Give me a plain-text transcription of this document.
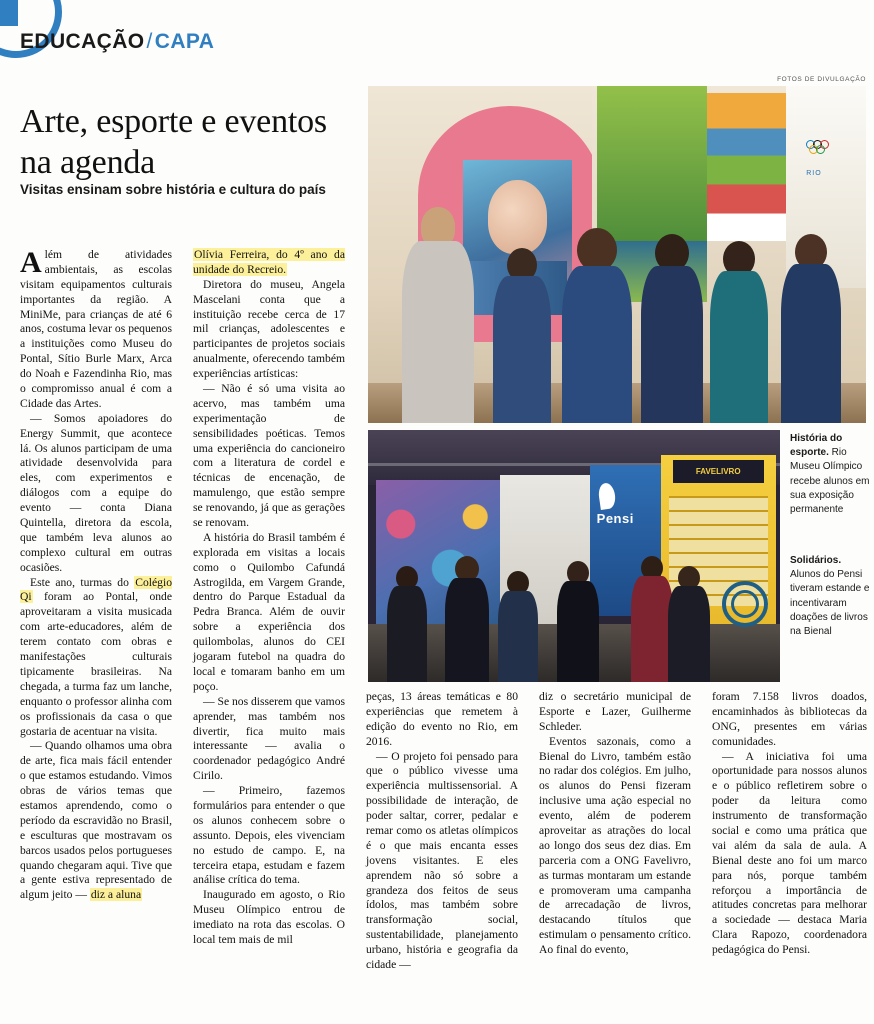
EDUCAÇÃO/CAPA
Arte, esporte e eventos na agenda
Visitas ensinam sobre história e cultura do país
FOTOS DE DIVULGAÇÃO
RIO
Pensi
FAVELIVRO
História do esporte. Rio Museu Olímpico recebe alunos em sua exposição permanente
Solidários. Alunos do Pensi tiveram estande e incentivaram doações de livros na Bienal

Além de atividades ambientais, as escolas visitam equipamentos culturais importantes da região. A MiniMe, para crianças de até 6 anos, costuma levar os pequenos a instituições como Museu do Pontal, Sítio Burle Marx, Arca do Noah e Fazendinha Rio, mas o compromisso anual é com a Cidade das Artes.

— Somos apoiadores do Energy Summit, que acontece lá. Os alunos participam de uma atividade desenvolvida para eles, com experimentos e diálogos com a equipe do evento — conta Diana Quintella, diretora da escola, que também leva alunos ao complexo cultural em outras ocasiões.

Este ano, turmas do Colégio Qi foram ao Pontal, onde aproveitaram a visita musicada com arte-educadores, além de terem contato com obras e manifestações culturais tipicamente brasileiras. Na chegada, a turma faz um lanche, enquanto o professor alinha com os profissionais da casa o que gostaria de acentuar na visita.

— Quando olhamos uma obra de arte, fica mais fácil entender o que estamos estudando. Vimos obras de vários temas que estamos aprendendo, como o período da escravidão no Brasil, e esculturas que mostravam os barcos usados pelos portugueses quando chegaram aqui. Tive que a gente estiva representado de algum jeito — diz a aluna

Olívia Ferreira, do 4º ano da unidade do Recreio.

Diretora do museu, Angela Mascelani conta que a instituição recebe cerca de 17 mil crianças, adolescentes e participantes de projetos sociais anualmente, oferecendo também experiências artísticas:

— Não é só uma visita ao acervo, mas também uma experimentação de sensibilidades poéticas. Temos uma experiência do cancioneiro com a literatura de cordel e técnicas de encenação, de mamulengo, que estão sempre se renovando, já que as gerações se renovam.

A história do Brasil também é explorada em visitas a locais como o Quilombo Cafundá Astrogilda, em Vargem Grande, dentro do Parque Estadual da Pedra Branca. Além de ouvir sobre a experiência dos quilombolas, alunos do CEI jogaram futebol na quadra do local e tomaram banho em um poço.

— Se nos disserem que vamos aprender, mas também nos divertir, fica muito mais interessante — avalia o coordenador pedagógico André Cirilo.

— Primeiro, fazemos formulários para entender o que os alunos conhecem sobre o assunto. Depois, eles vivenciam no estudo de campo. E, na terceira etapa, estudam e fazem análise crítica do tema.

Inaugurado em agosto, o Rio Museu Olímpico entrou de imediato na rota das escolas. O local tem mais de mil

peças, 13 áreas temáticas e 80 experiências que remetem à edição do evento no Rio, em 2016.

— O projeto foi pensado para que o público vivesse uma experiência multissensorial. A possibilidade de interação, de poder saltar, correr, pedalar e remar como os atletas olímpicos é o que mais encanta esses jovens visitantes. E eles aprendem não só sobre a grandeza dos feitos de seus ídolos, mas também sobre transformação social, sustentabilidade, planejamento urbano, história e geografia da cidade —

diz o secretário municipal de Esporte e Lazer, Guilherme Schleder.

Eventos sazonais, como a Bienal do Livro, também estão no radar dos colégios. Em julho, os alunos do Pensi fizeram inclusive uma ação especial no evento, além de poderem aproveitar as atrações do local ao longo dos seus dez dias. Em parceria com a ONG Favelivro, as turmas montaram um estande e promoveram uma campanha de arrecadação de livros, destacando títulos que estimulam o pensamento crítico. Ao final do evento,

foram 7.158 livros doados, encaminhados às bibliotecas da ONG, presentes em várias comunidades.

— A iniciativa foi uma oportunidade para nossos alunos e o público refletirem sobre o poder da leitura como instrumento de transformação social e como uma prática que vai além da sala de aula. A Bienal deste ano foi um marco para nós, porque também reforçou a importância de atitudes concretas para melhorar a sociedade — destaca Maria Clara Rapozo, coordenadora pedagógica do Pensi.
